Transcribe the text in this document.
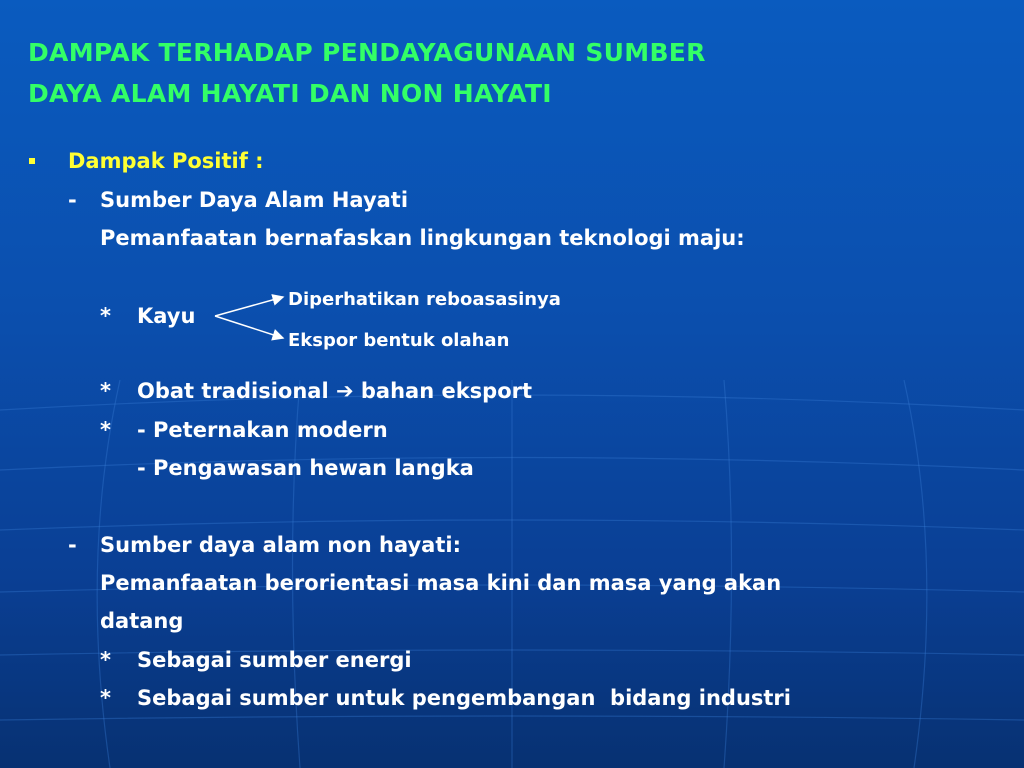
DAMPAK TERHADAP PENDAYAGUNAAN SUMBER
DAYA ALAM HAYATI DAN NON HAYATI
Dampak Positif :
- Sumber Daya Alam Hayati
Pemanfaatan bernafaskan lingkungan teknologi maju:
* Kayu
Diperhatikan reboasasinya
Ekspor bentuk olahan
* Obat tradisional ➔ bahan eksport
* - Peternakan modern
- Pengawasan hewan langka
- Sumber daya alam non hayati:
Pemanfaatan berorientasi masa kini dan masa yang akan
datang
* Sebagai sumber energi
* Sebagai sumber untuk pengembangan  bidang industri
